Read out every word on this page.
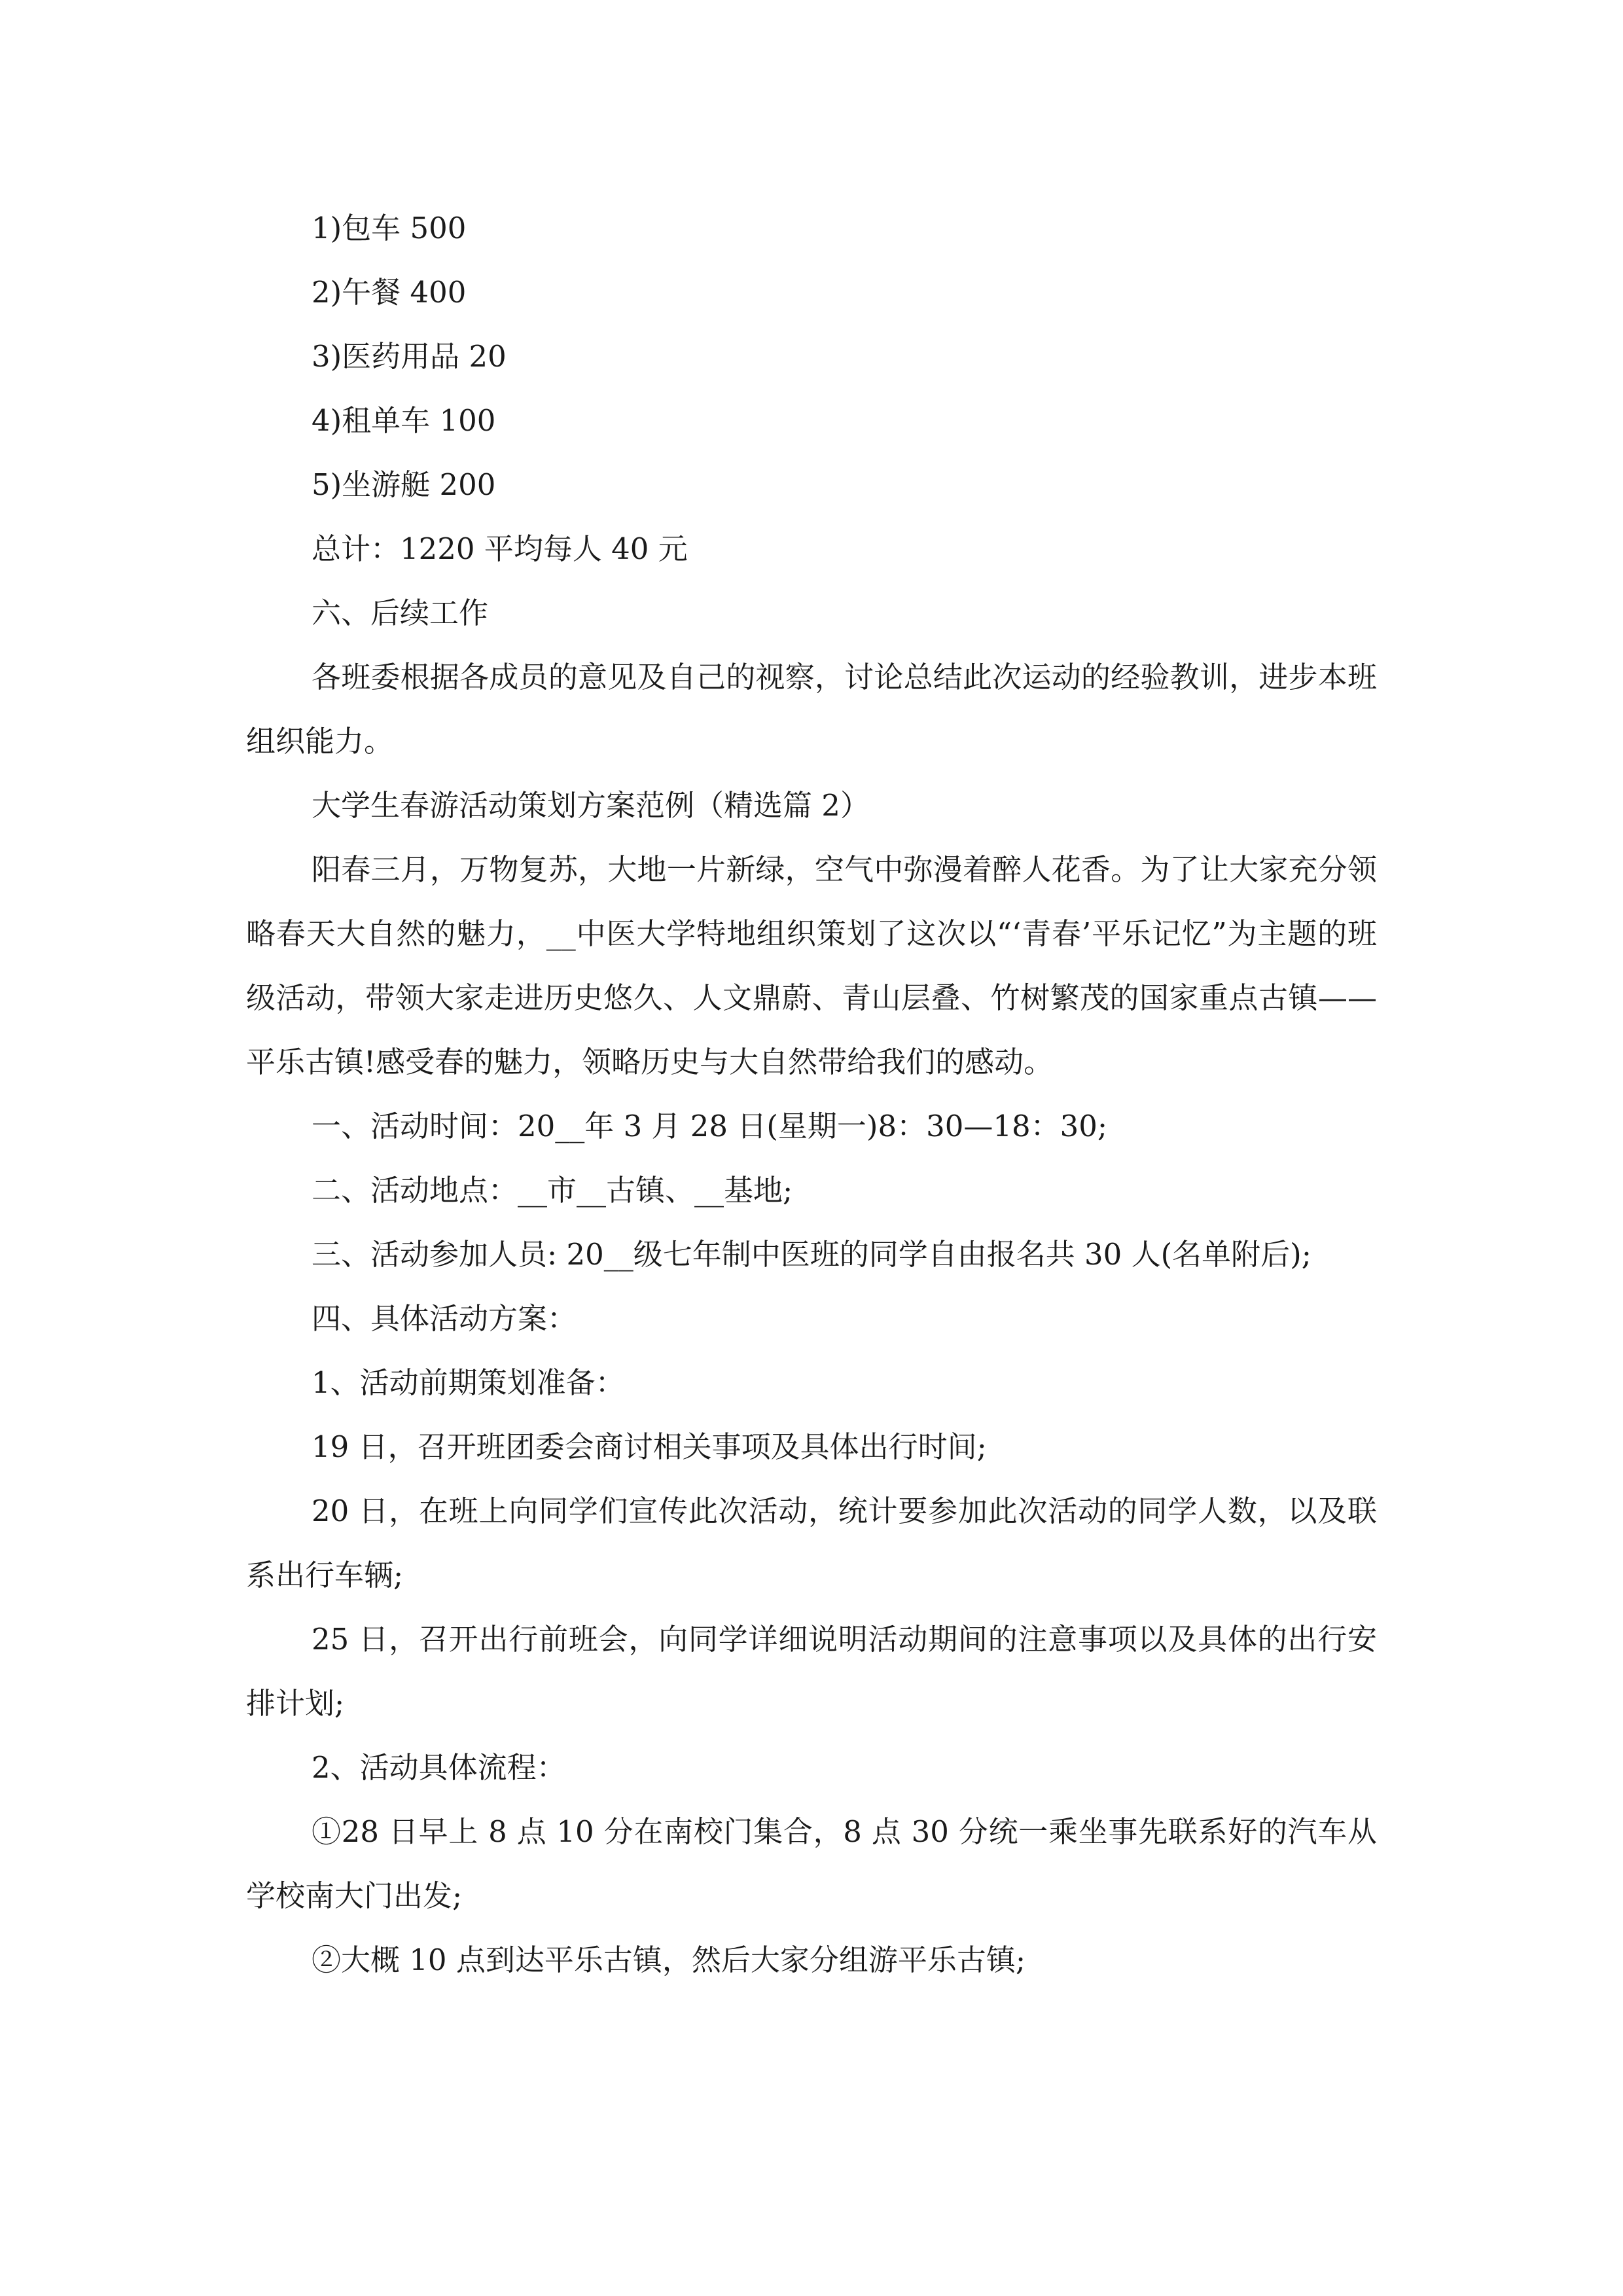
1)包车 500

2)午餐 400

3)医药用品 20

4)租单车 100

5)坐游艇 200

总计：1220 平均每人 40 元

六、后续工作

各班委根据各成员的意见及自己的视察，讨论总结此次运动的经验教训，进步本班组织能力。

大学生春游活动策划方案范例（精选篇 2）

阳春三月，万物复苏，大地一片新绿，空气中弥漫着醉人花香。为了让大家充分领略春天大自然的魅力，__中医大学特地组织策划了这次以“‘青春’平乐记忆”为主题的班级活动，带领大家走进历史悠久、人文鼎蔚、青山层叠、竹树繁茂的国家重点古镇——平乐古镇!感受春的魅力，领略历史与大自然带给我们的感动。

一、活动时间：20__年 3 月 28 日(星期一)8：30—18：30;

二、活动地点：__市__古镇、__基地;

三、活动参加人员: 20__级七年制中医班的同学自由报名共 30 人(名单附后);

四、具体活动方案：

1、活动前期策划准备：

19 日，召开班团委会商讨相关事项及具体出行时间;

20 日，在班上向同学们宣传此次活动，统计要参加此次活动的同学人数，以及联系出行车辆;

25 日，召开出行前班会，向同学详细说明活动期间的注意事项以及具体的出行安排计划;

2、活动具体流程：

①28 日早上 8 点 10 分在南校门集合，8 点 30 分统一乘坐事先联系好的汽车从学校南大门出发;

②大概 10 点到达平乐古镇，然后大家分组游平乐古镇;
